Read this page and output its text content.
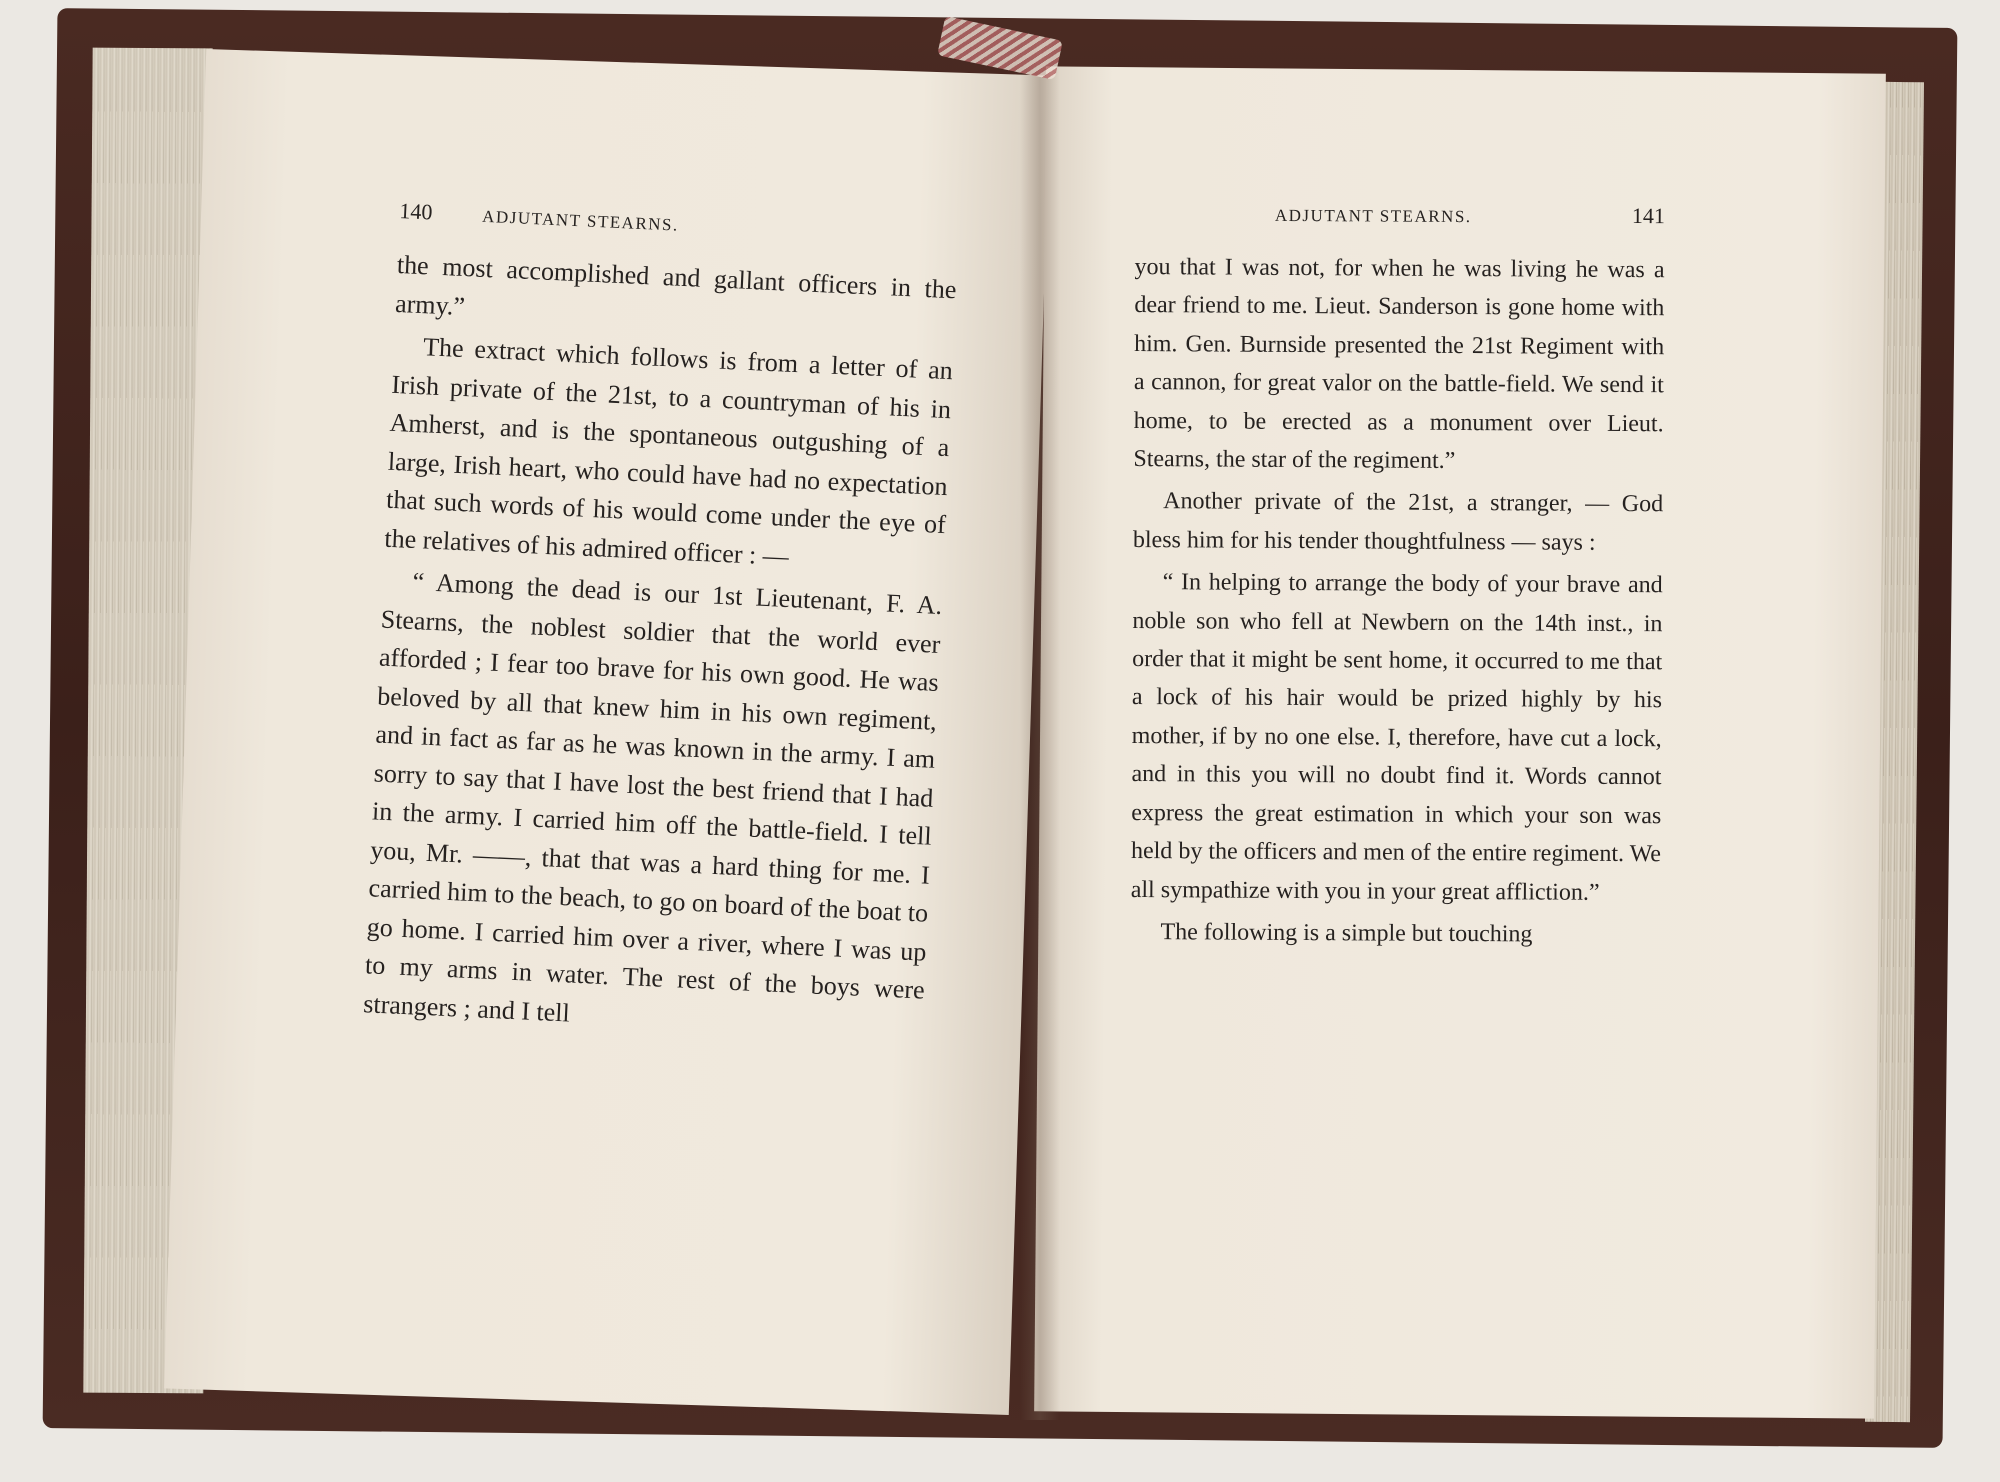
140	ADJUTANT STEARNS.

the most accomplished and gallant officers in the army.”

The extract which follows is from a letter of an Irish private of the 21st, to a countryman of his in Amherst, and is the spontaneous outgushing of a large, Irish heart, who could have had no expectation that such words of his would come under the eye of the relatives of his admired officer : —

“ Among the dead is our 1st Lieutenant, F. A. Stearns, the noblest soldier that the world ever afforded ; I fear too brave for his own good. He was beloved by all that knew him in his own regiment, and in fact as far as he was known in the army. I am sorry to say that I have lost the best friend that I had in the army. I carried him off the battle-field. I tell you, Mr. ——, that that was a hard thing for me. I carried him to the beach, to go on board of the boat to go home. I carried him over a river, where I was up to my arms in water. The rest of the boys were strangers ; and I tell

ADJUTANT STEARNS.	141

you that I was not, for when he was living he was a dear friend to me. Lieut. Sanderson is gone home with him. Gen. Burnside presented the 21st Regiment with a cannon, for great valor on the battle-field. We send it home, to be erected as a monument over Lieut. Stearns, the star of the regiment.”

Another private of the 21st, a stranger, — God bless him for his tender thoughtfulness — says :

“ In helping to arrange the body of your brave and noble son who fell at Newbern on the 14th inst., in order that it might be sent home, it occurred to me that a lock of his hair would be prized highly by his mother, if by no one else. I, therefore, have cut a lock, and in this you will no doubt find it. Words cannot express the great estimation in which your son was held by the officers and men of the entire regiment. We all sympathize with you in your great affliction.”

The following is a simple but touching
